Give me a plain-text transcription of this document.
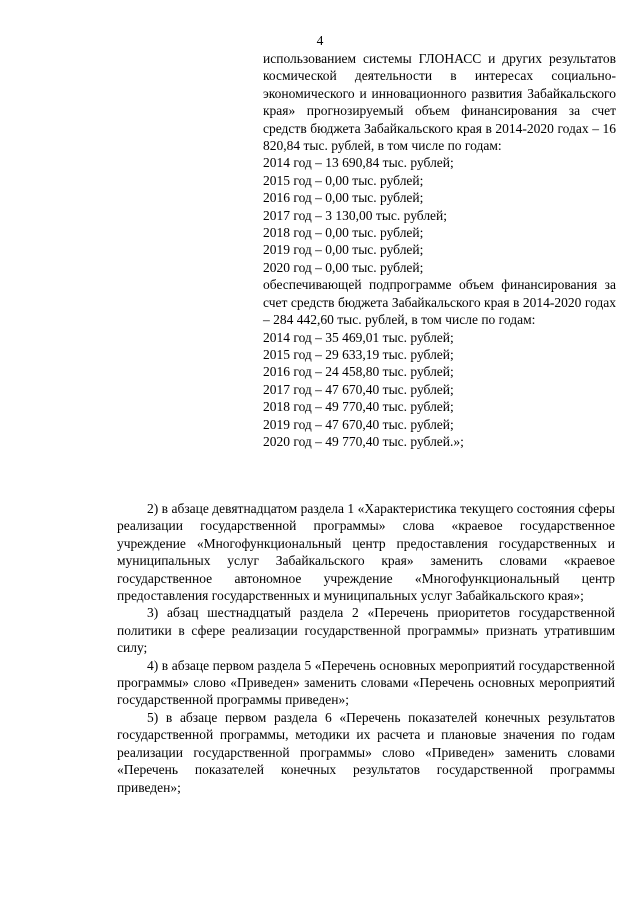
4

использованием системы ГЛОНАСС и других результатов космической деятельности в интересах социально-экономического и инновационного развития Забайкальского края» прогнозируемый объем финансирования за счет средств бюджета Забайкальского края в 2014-2020 годах – 16 820,84 тыс. рублей, в том числе по годам:

2014 год – 13 690,84 тыс. рублей;
2015 год – 0,00 тыс. рублей;
2016 год – 0,00 тыс. рублей;
2017 год – 3 130,00 тыс. рублей;
2018 год – 0,00 тыс. рублей;
2019 год – 0,00 тыс. рублей;
2020 год – 0,00 тыс. рублей;

обеспечивающей подпрограмме объем финансирования за счет средств бюджета Забайкальского края в 2014-2020 годах – 284 442,60 тыс. рублей, в том числе по годам:

2014 год – 35 469,01 тыс. рублей;
2015 год – 29 633,19 тыс. рублей;
2016 год – 24 458,80 тыс. рублей;
2017 год – 47 670,40 тыс. рублей;
2018 год – 49 770,40 тыс. рублей;
2019 год – 47 670,40 тыс. рублей;
2020 год – 49 770,40 тыс. рублей.»;

2) в абзаце девятнадцатом раздела 1 «Характеристика текущего состояния сферы реализации государственной программы» слова «краевое государственное учреждение «Многофункциональный центр предоставления государственных и муниципальных услуг Забайкальского края» заменить словами «краевое государственное автономное учреждение «Многофункциональный центр предоставления государственных и муниципальных услуг Забайкальского края»;

3) абзац шестнадцатый раздела 2 «Перечень приоритетов государственной политики в сфере реализации государственной программы» признать утратившим силу;

4) в абзаце первом раздела 5 «Перечень основных мероприятий государственной программы» слово «Приведен» заменить словами «Перечень основных мероприятий государственной программы приведен»;

5) в абзаце первом раздела 6 «Перечень показателей конечных результатов государственной программы, методики их расчета и плановые значения по годам реализации государственной программы» слово «Приведен» заменить словами «Перечень показателей конечных результатов государственной программы приведен»;
